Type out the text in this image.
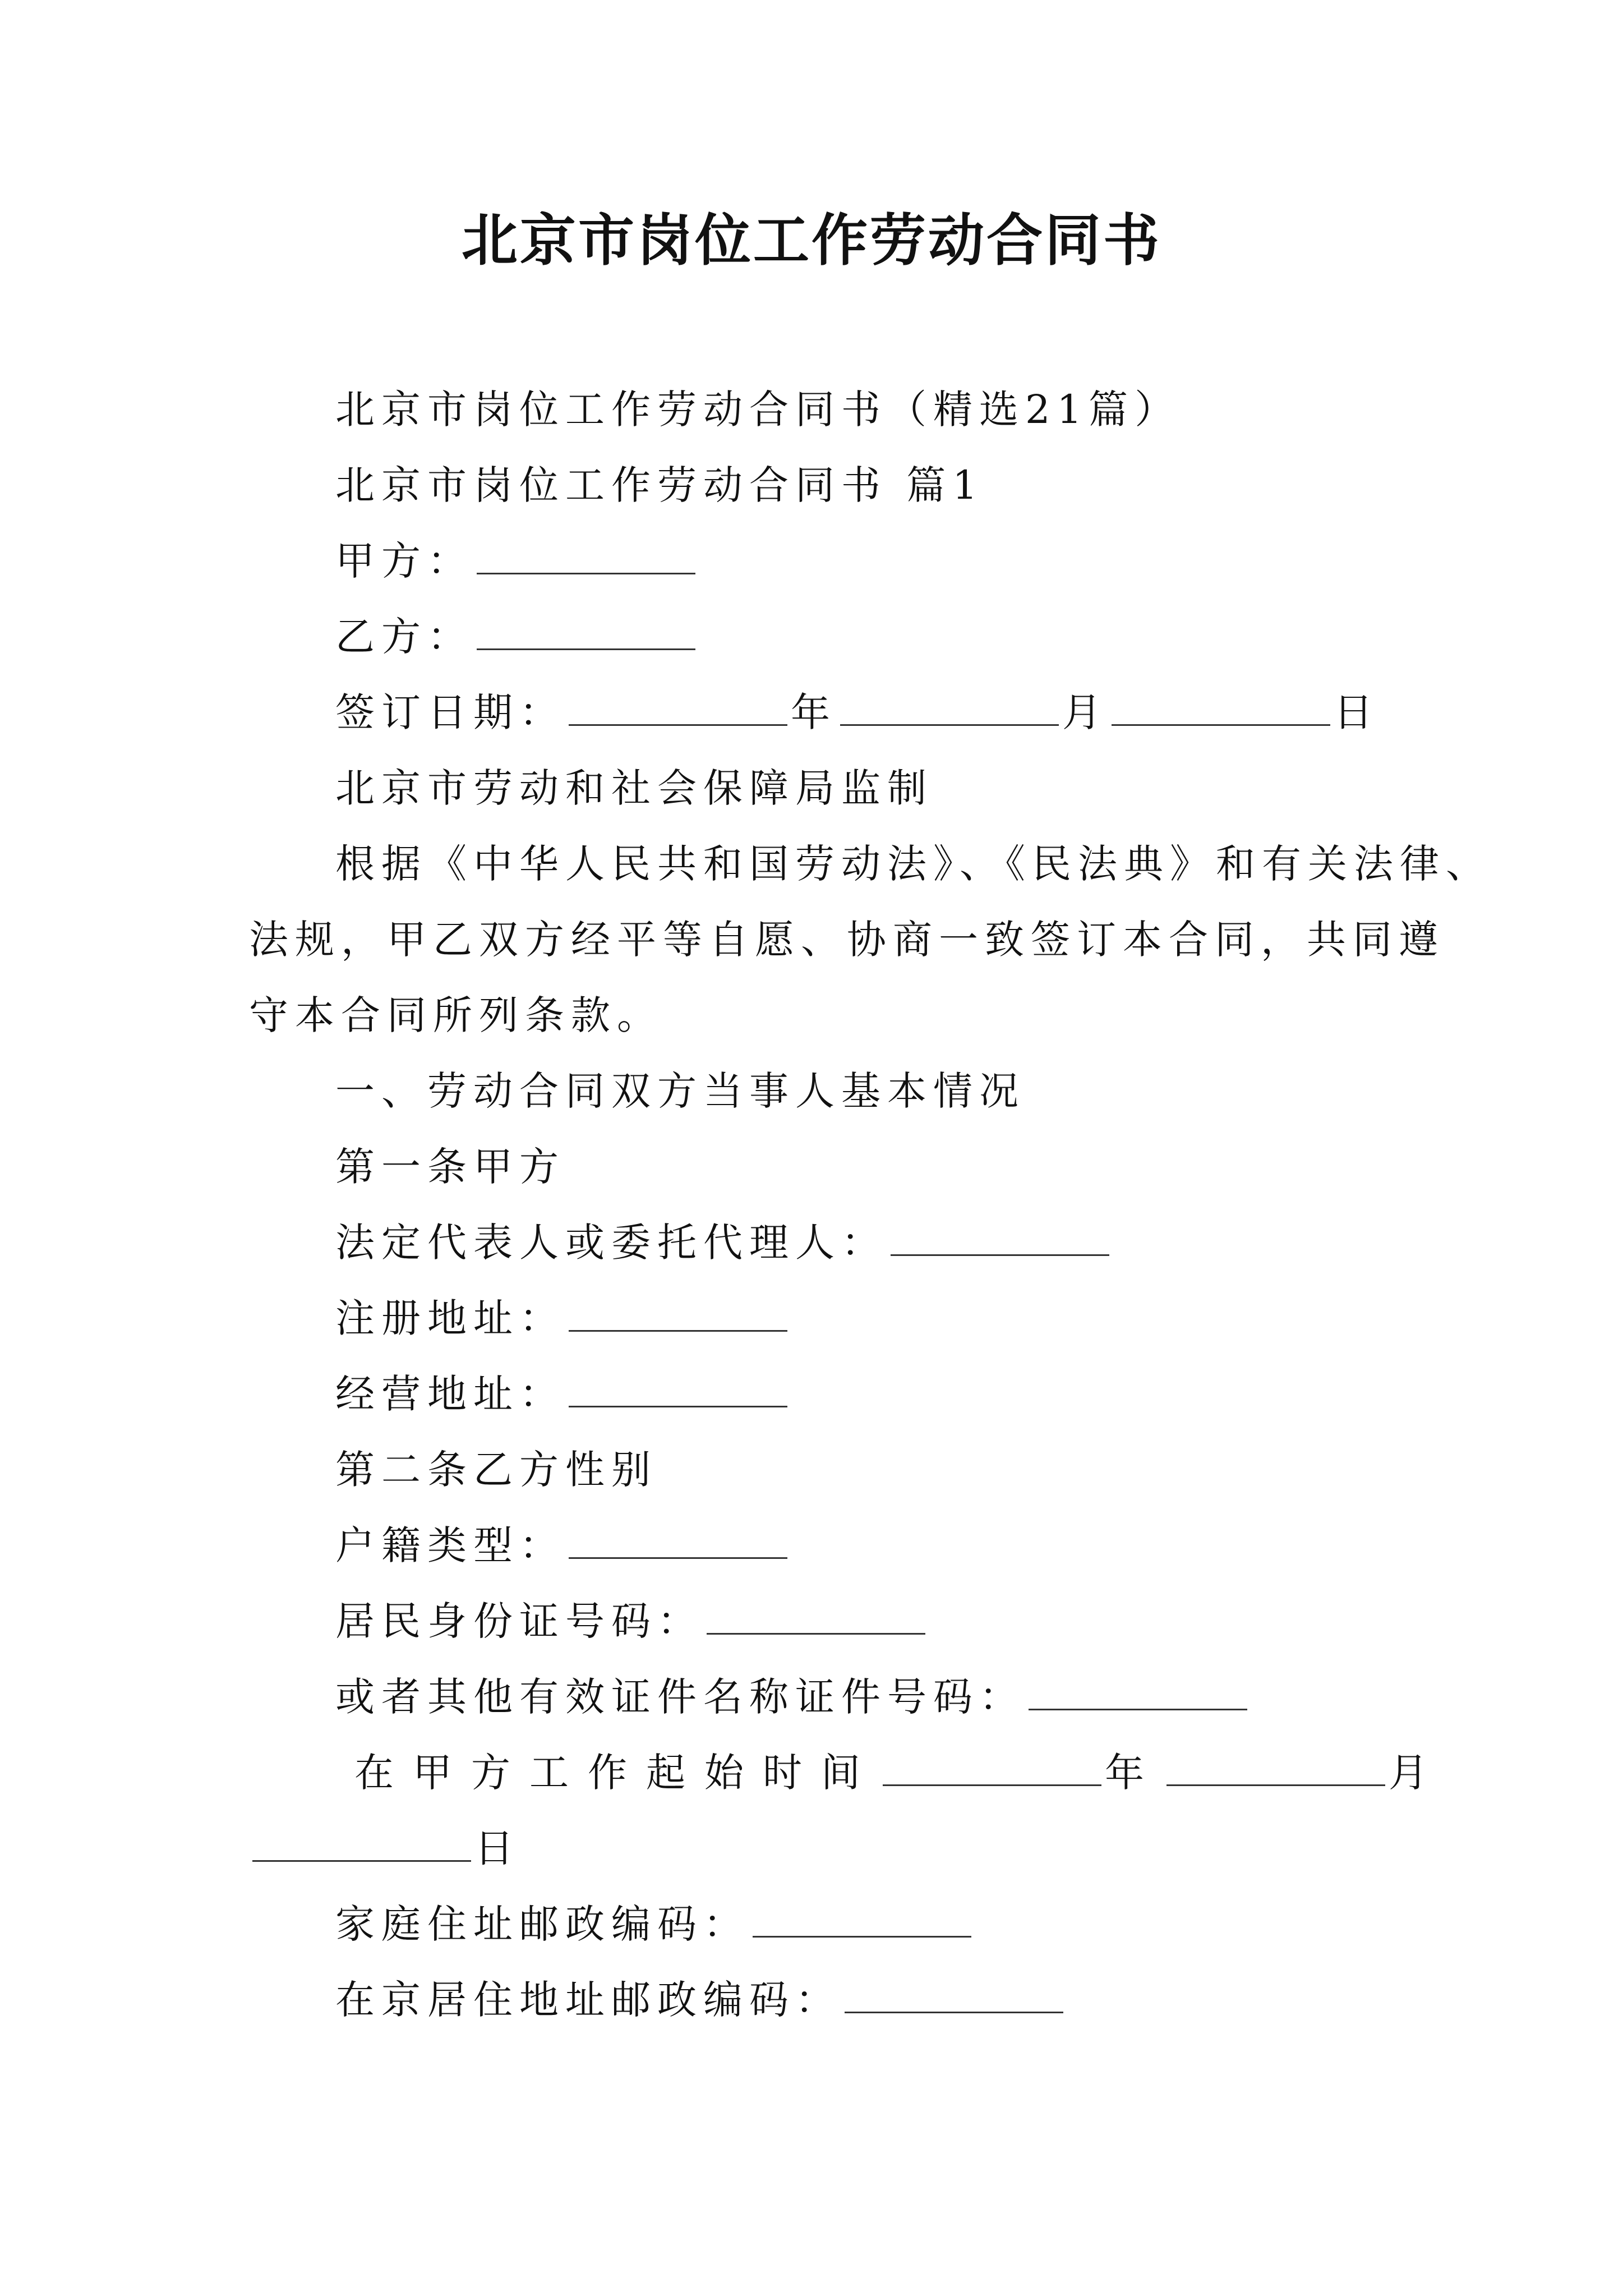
北京市岗位工作劳动合同书
北京市岗位工作劳动合同书（精选21篇）
北京市岗位工作劳动合同书 篇1
甲方：
乙方：
签订日期：	年	月	日
北京市劳动和社会保障局监制
根据《中华人民共和国劳动法》、《民法典》和有关法律、
法规，甲乙双方经平等自愿、协商一致签订本合同，共同遵
守本合同所列条款。
一、劳动合同双方当事人基本情况
第一条甲方
法定代表人或委托代理人：
注册地址：
经营地址：
第二条乙方性别
户籍类型：
居民身份证号码：
或者其他有效证件名称证件号码：
在甲方工作起始时间	年	月
日
家庭住址邮政编码：
在京居住地址邮政编码：
